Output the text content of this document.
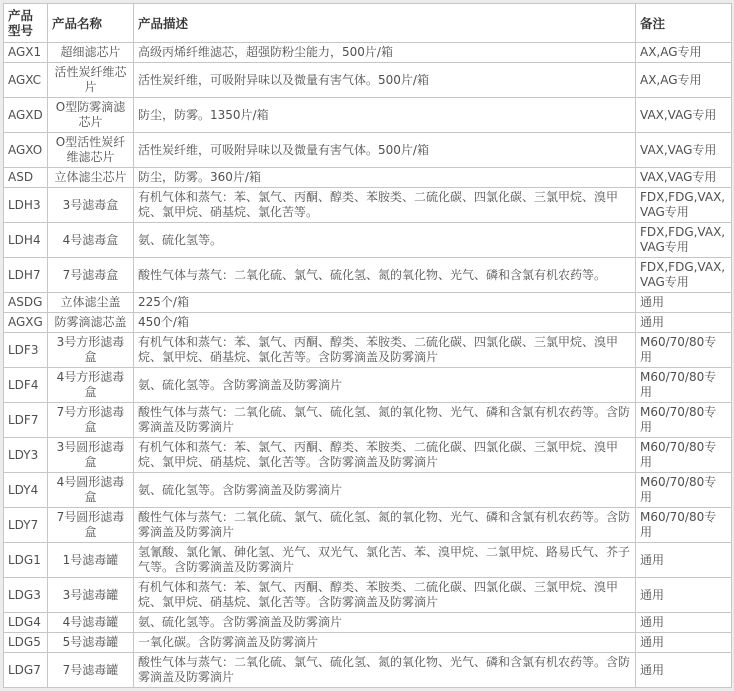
产品型号	产品名称	产品描述	备注
AGX1	超细滤芯片	高级丙烯纤维滤芯，超强防粉尘能力，500片/箱	AX,AG专用
AGXC	活性炭纤维芯片	活性炭纤维，可吸附异味以及微量有害气体。500片/箱	AX,AG专用
AGXD	O型防雾滴滤芯片	防尘，防雾。1350片/箱	VAX,VAG专用
AGXO	O型活性炭纤维滤芯片	活性炭纤维，可吸附异味以及微量有害气体。500片/箱	VAX,VAG专用
ASD	立体滤尘芯片	防尘，防雾。360片/箱	VAX,VAG专用
LDH3	3号滤毒盒	有机气体和蒸气：苯、氯气、丙酮、醇类、苯胺类、二硫化碳、四氯化碳、三氯甲烷、溴甲烷、氯甲烷、硝基烷、氯化苦等。	FDX,FDG,VAX,VAG专用
LDH4	4号滤毒盒	氨、硫化氢等。	FDX,FDG,VAX,VAG专用
LDH7	7号滤毒盒	酸性气体与蒸气：二氧化硫、氯气、硫化氢、氮的氧化物、光气、磷和含氯有机农药等。	FDX,FDG,VAX,VAG专用
ASDG	立体滤尘盖	225个/箱	通用
AGXG	防雾滴滤芯盖	450个/箱	通用
LDF3	3号方形滤毒盒	有机气体和蒸气：苯、氯气、丙酮、醇类、苯胺类、二硫化碳、四氯化碳、三氯甲烷、溴甲烷、氯甲烷、硝基烷、氯化苦等。含防雾滴盖及防雾滴片	M60/70/80专用
LDF4	4号方形滤毒盒	氨、硫化氢等。含防雾滴盖及防雾滴片	M60/70/80专用
LDF7	7号方形滤毒盒	酸性气体与蒸气：二氧化硫、氯气、硫化氢、氮的氧化物、光气、磷和含氯有机农药等。含防雾滴盖及防雾滴片	M60/70/80专用
LDY3	3号圆形滤毒盒	有机气体和蒸气：苯、氯气、丙酮、醇类、苯胺类、二硫化碳、四氯化碳、三氯甲烷、溴甲烷、氯甲烷、硝基烷、氯化苦等。含防雾滴盖及防雾滴片	M60/70/80专用
LDY4	4号圆形滤毒盒	氨、硫化氢等。含防雾滴盖及防雾滴片	M60/70/80专用
LDY7	7号圆形滤毒盒	酸性气体与蒸气：二氧化硫、氯气、硫化氢、氮的氧化物、光气、磷和含氯有机农药等。含防雾滴盖及防雾滴片	M60/70/80专用
LDG1	1号滤毒罐	氢氰酸、氯化氰、砷化氢、光气、双光气、氯化苦、苯、溴甲烷、二氯甲烷、路易氏气、芥子气等。含防雾滴盖及防雾滴片	通用
LDG3	3号滤毒罐	有机气体和蒸气：苯、氯气、丙酮、醇类、苯胺类、二硫化碳、四氯化碳、三氯甲烷、溴甲烷、氯甲烷、硝基烷、氯化苦等。含防雾滴盖及防雾滴片	通用
LDG4	4号滤毒罐	氨、硫化氢等。含防雾滴盖及防雾滴片	通用
LDG5	5号滤毒罐	一氧化碳。含防雾滴盖及防雾滴片	通用
LDG7	7号滤毒罐	酸性气体与蒸气：二氧化硫、氯气、硫化氢、氮的氧化物、光气、磷和含氯有机农药等。含防雾滴盖及防雾滴片	通用
